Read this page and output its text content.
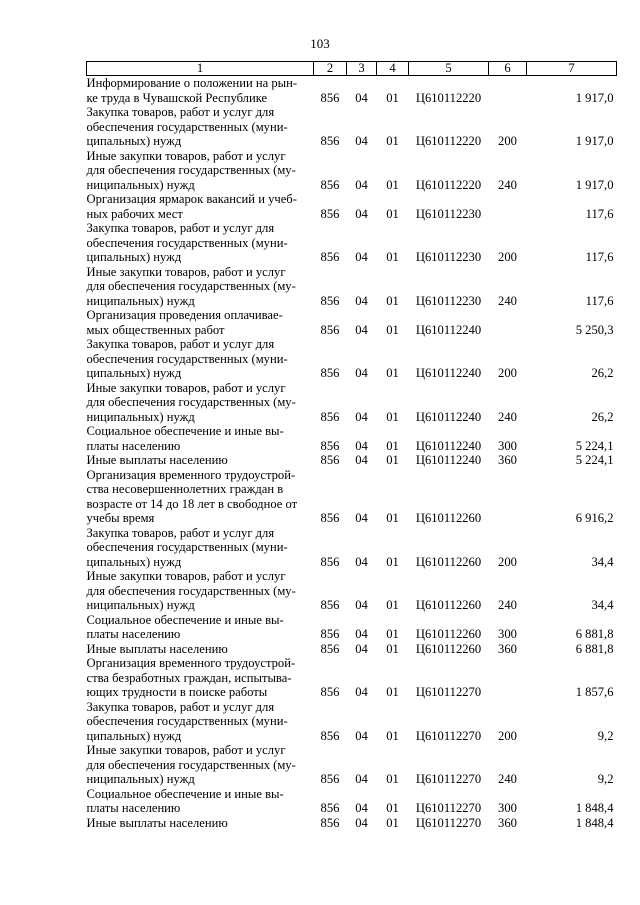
103
1	2	3	4	5	6	7

Информирование о положении на рын-
ке труда в Чувашской Республике	856	04	01	Ц610112220		1 917,0

Закупка товаров, работ и услуг для
обеспечения государственных (муни-
ципальных) нужд	856	04	01	Ц610112220	200	1 917,0

Иные закупки товаров, работ и услуг
для обеспечения государственных (му-
ниципальных) нужд	856	04	01	Ц610112220	240	1 917,0

Организация ярмарок вакансий и учеб-
ных рабочих мест	856	04	01	Ц610112230		117,6

Закупка товаров, работ и услуг для
обеспечения государственных (муни-
ципальных) нужд	856	04	01	Ц610112230	200	117,6

Иные закупки товаров, работ и услуг
для обеспечения государственных (му-
ниципальных) нужд	856	04	01	Ц610112230	240	117,6

Организация проведения оплачивае-
мых общественных работ	856	04	01	Ц610112240		5 250,3

Закупка товаров, работ и услуг для
обеспечения государственных (муни-
ципальных) нужд	856	04	01	Ц610112240	200	26,2

Иные закупки товаров, работ и услуг
для обеспечения государственных (му-
ниципальных) нужд	856	04	01	Ц610112240	240	26,2

Социальное обеспечение и иные вы-
платы населению	856	04	01	Ц610112240	300	5 224,1

Иные выплаты населению	856	04	01	Ц610112240	360	5 224,1

Организация временного трудоустрой-
ства несовершеннолетних граждан в
возрасте от 14 до 18 лет в свободное от
учебы время	856	04	01	Ц610112260		6 916,2

Закупка товаров, работ и услуг для
обеспечения государственных (муни-
ципальных) нужд	856	04	01	Ц610112260	200	34,4

Иные закупки товаров, работ и услуг
для обеспечения государственных (му-
ниципальных) нужд	856	04	01	Ц610112260	240	34,4

Социальное обеспечение и иные вы-
платы населению	856	04	01	Ц610112260	300	6 881,8

Иные выплаты населению	856	04	01	Ц610112260	360	6 881,8

Организация временного трудоустрой-
ства безработных граждан, испытыва-
ющих трудности в поиске работы	856	04	01	Ц610112270		1 857,6

Закупка товаров, работ и услуг для
обеспечения государственных (муни-
ципальных) нужд	856	04	01	Ц610112270	200	9,2

Иные закупки товаров, работ и услуг
для обеспечения государственных (му-
ниципальных) нужд	856	04	01	Ц610112270	240	9,2

Социальное обеспечение и иные вы-
платы населению	856	04	01	Ц610112270	300	1 848,4

Иные выплаты населению	856	04	01	Ц610112270	360	1 848,4
